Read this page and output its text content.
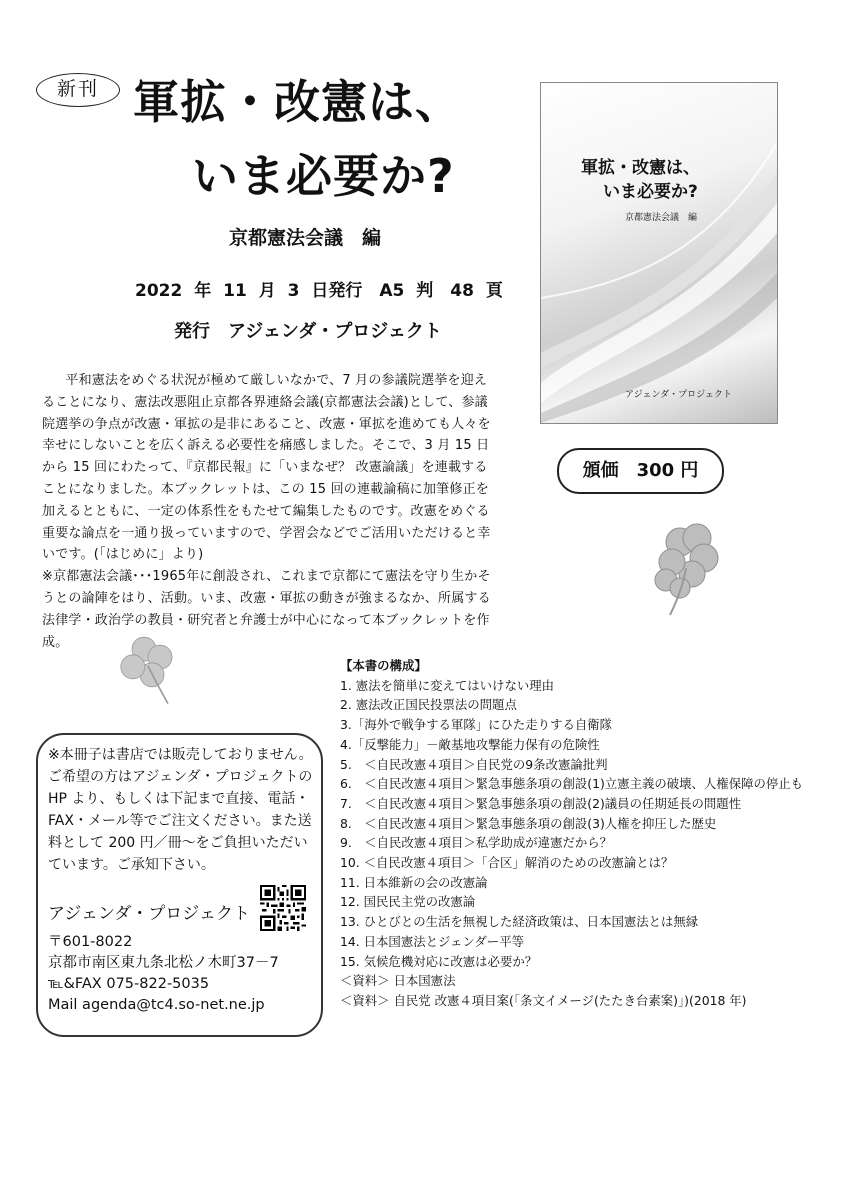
新刊 軍拡・改憲は、
いま必要か?
京都憲法会議　編
2022 年 11 月 3 日発行　A5 判　48 頁
発行　アジェンダ・プロジェクト
軍拡・改憲は、
いま必要か?
京都憲法会議　編
アジェンダ・プロジェクト
頒価　300 円

平和憲法をめぐる状況が極めて厳しいなかで、7 月の参議院選挙を迎えることになり、憲法改悪阻止京都各界連絡会議(京都憲法会議)として、参議院選挙の争点が改憲・軍拡の是非にあること、改憲・軍拡を進めても人々を幸せにしないことを広く訴える必要性を痛感しました。そこで、3 月 15 日から 15 回にわたって、『京都民報』に「いまなぜ？ 改憲論議」を連載することになりました。本ブックレットは、この 15 回の連載論稿に加筆修正を加えるとともに、一定の体系性をもたせて編集したものです。改憲をめぐる重要な論点を一通り扱っていますので、学習会などでご活用いただけると幸いです。(「はじめに」より)

※京都憲法会議･･･1965年に創設され、これまで京都にて憲法を守り生かそうとの論陣をはり、活動。いま、改憲・軍拡の動きが強まるなか、所属する法律学・政治学の教員・研究者と弁護士が中心になって本ブックレットを作成。

※本冊子は書店では販売しておりません。ご希望の方はアジェンダ・プロジェクトの HP より、もしくは下記まで直接、電話・FAX・メール等でご注文ください。また送料として 200 円／冊～をご負担いただいています。ご承知下さい。
アジェンダ・プロジェクト
〒601-8022
京都市南区東九条北松ノ木町37－7
℡&FAX 075-822-5035
Mail agenda@tc4.so-net.ne.jp
【本書の構成】
1. 憲法を簡単に変えてはいけない理由
2. 憲法改正国民投票法の問題点
3.「海外で戦争する軍隊」にひた走りする自衛隊
4.「反撃能力」－敵基地攻撃能力保有の危険性
5.　＜自民改憲４項目＞自民党の9条改憲論批判
6.　＜自民改憲４項目＞緊急事態条項の創設(1)立憲主義の破壊、人権保障の停止も
7.　＜自民改憲４項目＞緊急事態条項の創設(2)議員の任期延長の問題性
8.　＜自民改憲４項目＞緊急事態条項の創設(3)人権を抑圧した歴史
9.　＜自民改憲４項目＞私学助成が違憲だから？
10. ＜自民改憲４項目＞「合区」解消のための改憲論とは？
11. 日本維新の会の改憲論
12. 国民民主党の改憲論
13. ひとびとの生活を無視した経済政策は、日本国憲法とは無縁
14. 日本国憲法とジェンダー平等
15. 気候危機対応に改憲は必要か？
＜資料＞ 日本国憲法
＜資料＞ 自民党 改憲４項目案(「条文イメージ(たたき台素案)」)(2018 年)
